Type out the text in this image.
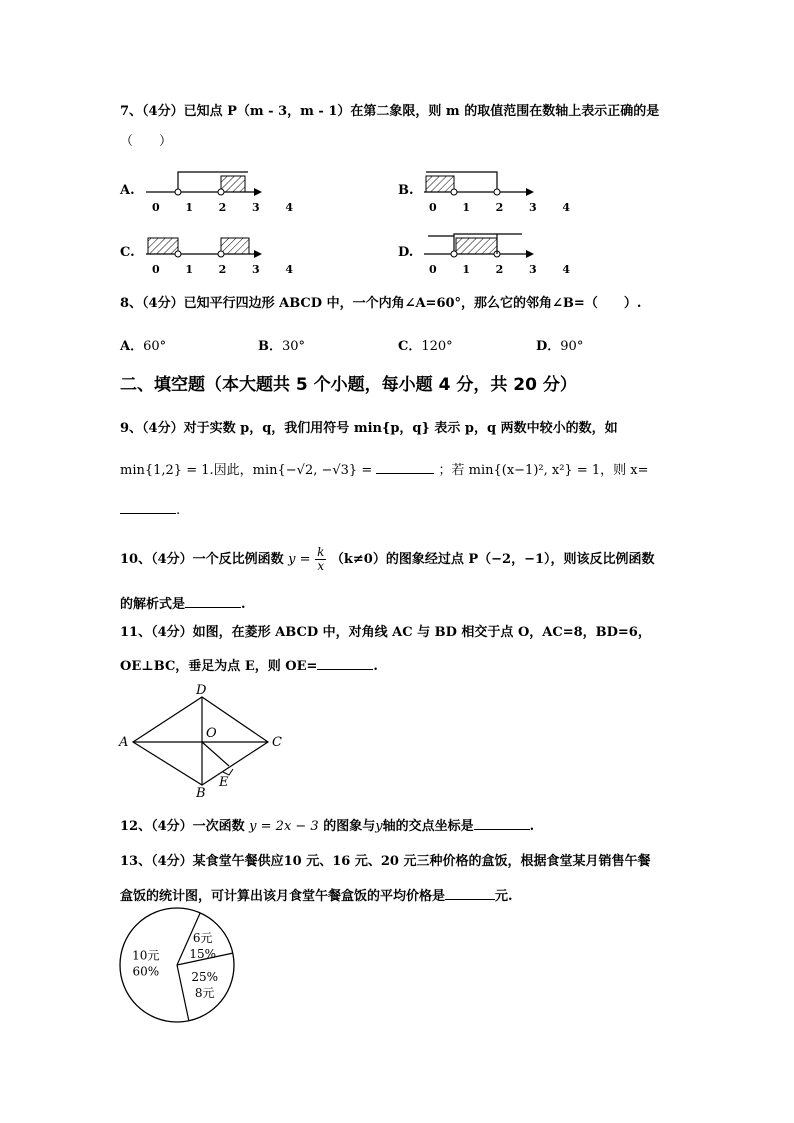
7、（4分）已知点 P（m - 3，m - 1）在第二象限，则 m 的取值范围在数轴上表示正确的是
（　　）
A.
0 1 2 3 4
B.
0 1 2 3 4
C.
0 1 2 3 4
D.
0 1 2 3 4
8、（4分）已知平行四边形 ABCD 中，一个内角∠A=60°，那么它的邻角∠B=（　　）.
A．60°	B．30°	C．120°	D．90°
二、填空题（本大题共 5 个小题，每小题 4 分，共 20 分）
9、（4分）对于实数 p，q，我们用符号 min{p，q} 表示 p，q 两数中较小的数，如
min{1,2} = 1.因此，min{−√2, −√3} =	；若 min{(x−1)², x²} = 1，则 x=
.
10、（4分）一个反比例函数 $y = \frac{k}{x} (k\ne 0)$的图象经过点 P（−2，−1），则该反比例函数
的解析式是	.
11、（4分）如图，在菱形 ABCD 中，对角线 AC 与 BD 相交于点 O，AC=8，BD=6，
OE⊥BC，垂足为点 E，则 OE=	.
A
D
C
B
O
E
12、（4分）一次函数 y = 2x − 3 的图象与y轴的交点坐标是	.
13、（4分）某食堂午餐供应10 元、16 元、20 元三种价格的盒饭，根据食堂某月销售午餐
盒饭的统计图，可计算出该月食堂午餐盒饭的平均价格是	元.
10元
60%
6元
15%
25%
8元
